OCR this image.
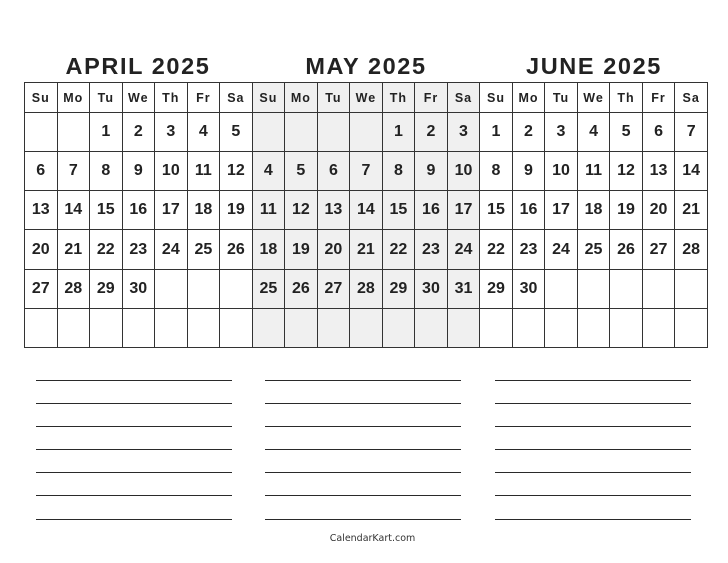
APRIL 2025	MAY 2025	JUNE 2025
Su	Mo	Tu	We	Th	Fr	Sa	Su	Mo	Tu	We	Th	Fr	Sa	Su	Mo	Tu	We	Th	Fr	Sa
		1	2	3	4	5					1	2	3	1	2	3	4	5	6	7
6	7	8	9	10	11	12	4	5	6	7	8	9	10	8	9	10	11	12	13	14
13	14	15	16	17	18	19	11	12	13	14	15	16	17	15	16	17	18	19	20	21
20	21	22	23	24	25	26	18	19	20	21	22	23	24	22	23	24	25	26	27	28
27	28	29	30				25	26	27	28	29	30	31	29	30					

CalendarKart.com
